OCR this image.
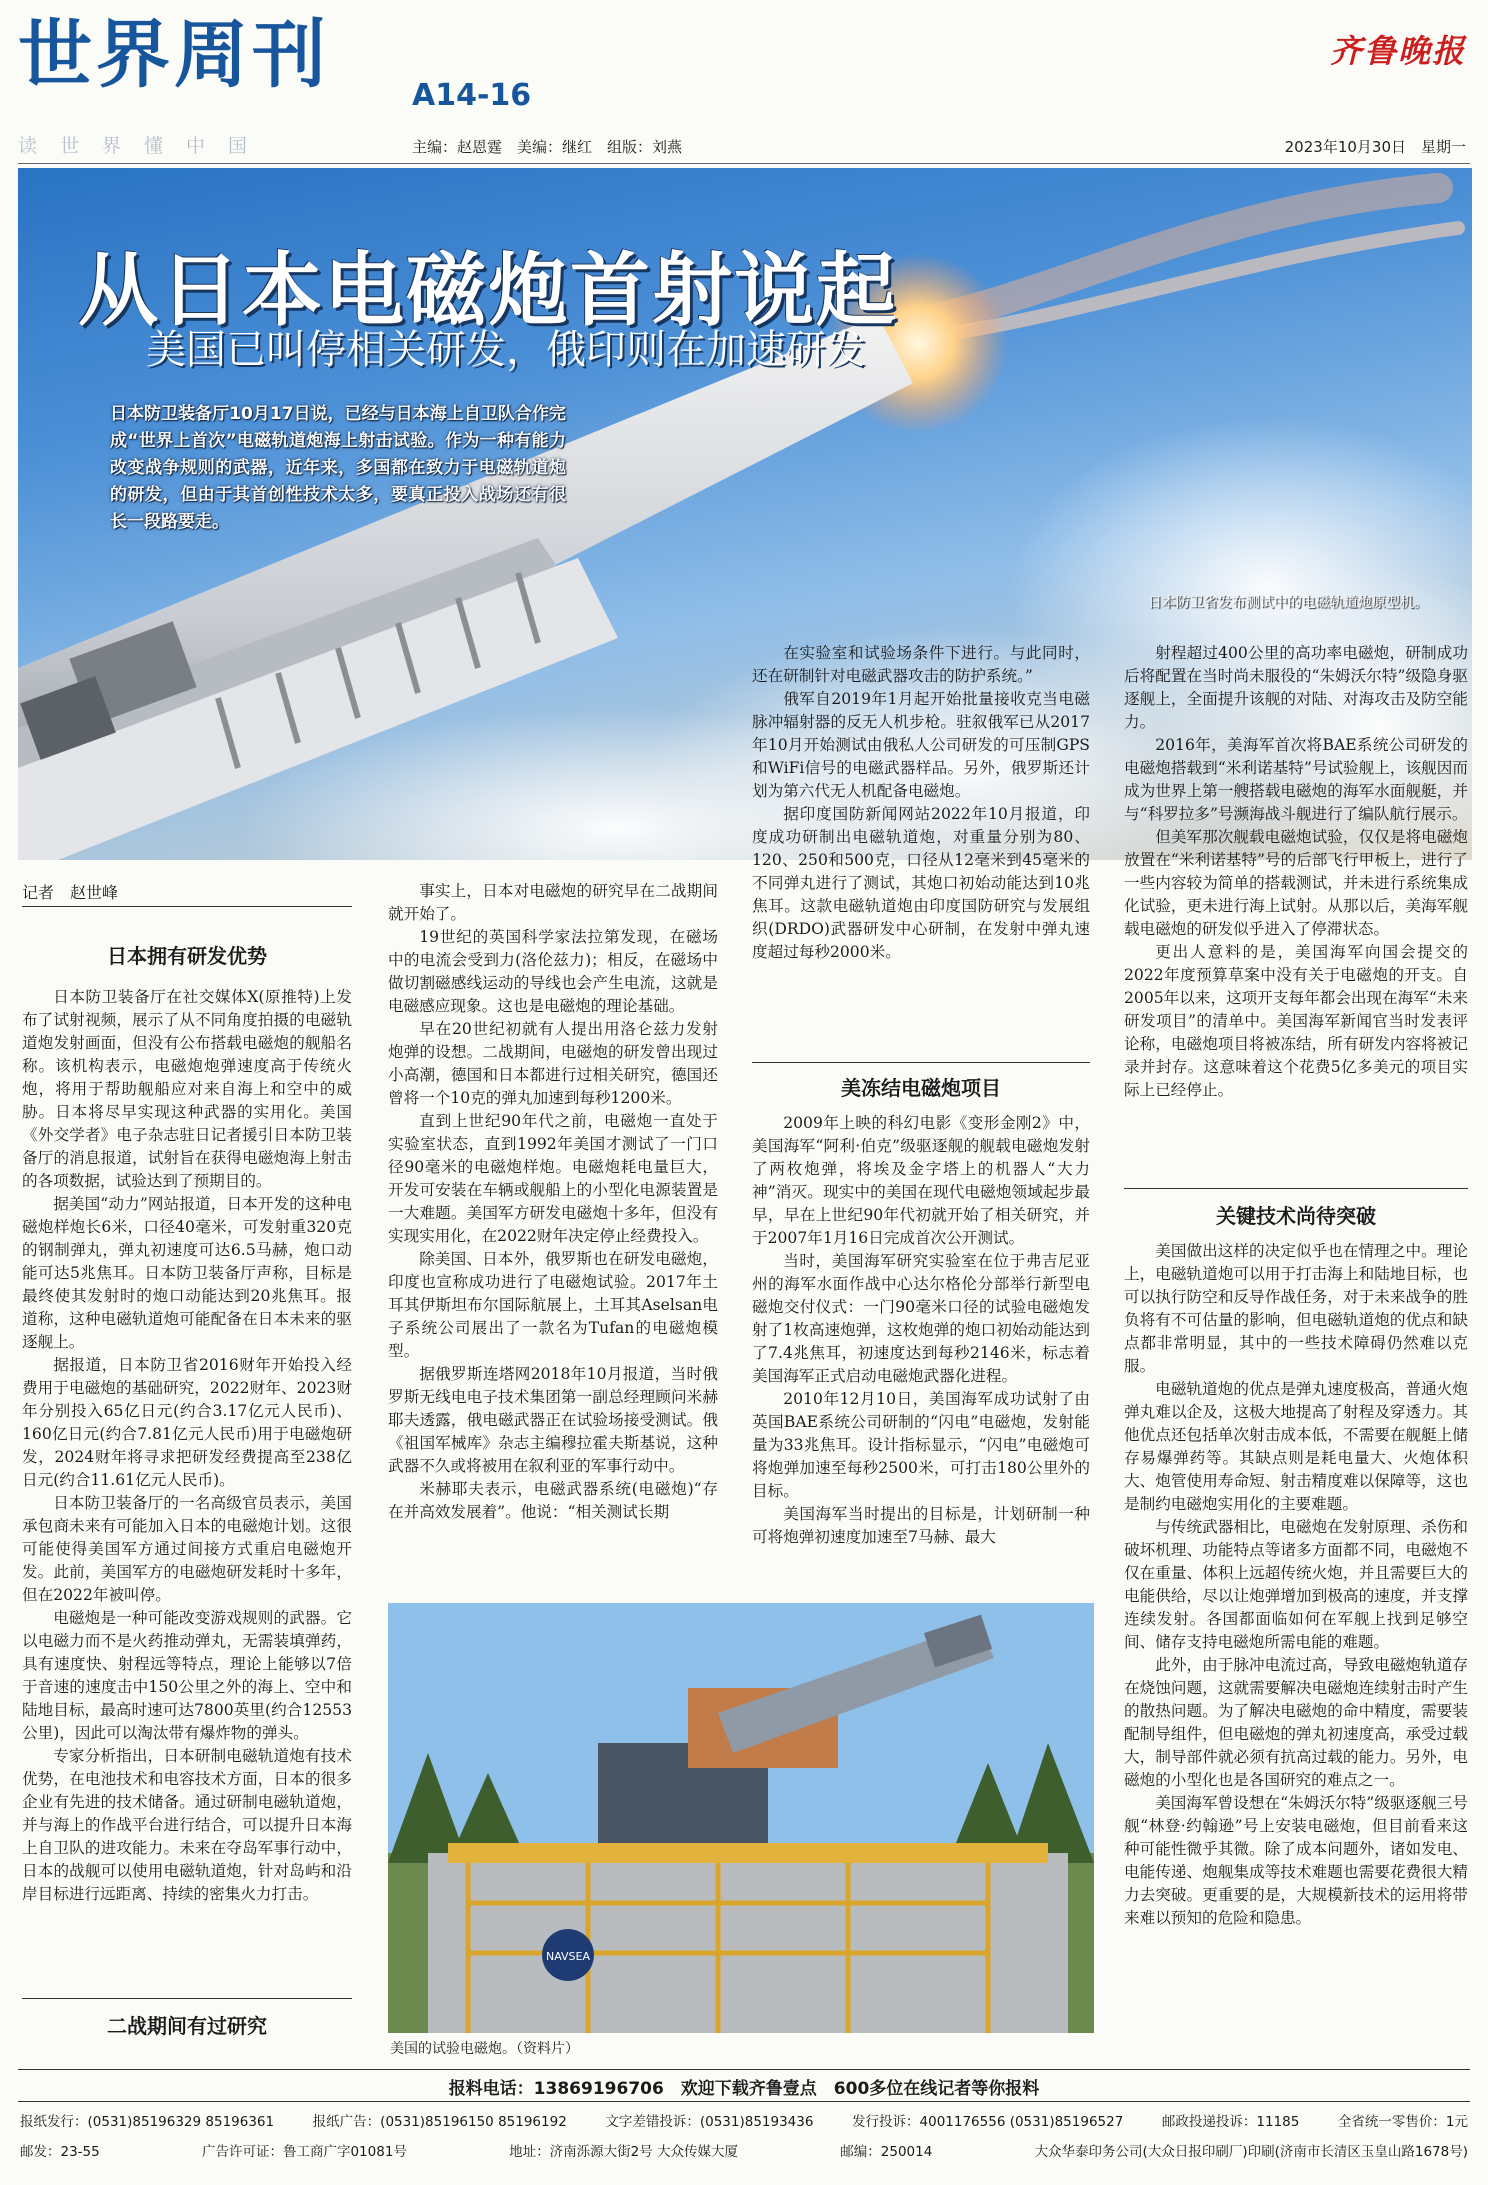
世界周刊	A14-16
读世界懂中国	主编：赵恩霆　美编：继红　组版：刘燕
齐鲁晚报
2023年10月30日　星期一
从日本电磁炮首射说起
美国已叫停相关研发，俄印则在加速研发
日本防卫装备厅10月17日说，已经与日本海上自卫队合作完成“世界上首次”电磁轨道炮海上射击试验。作为一种有能力改变战争规则的武器，近年来，多国都在致力于电磁轨道炮的研发，但由于其首创性技术太多，要真正投入战场还有很长一段路要走。
日本防卫省发布测试中的电磁轨道炮原型机。
记者　赵世峰
日本拥有研发优势

日本防卫装备厅在社交媒体X(原推特)上发布了试射视频，展示了从不同角度拍摄的电磁轨道炮发射画面，但没有公布搭载电磁炮的舰船名称。该机构表示，电磁炮炮弹速度高于传统火炮，将用于帮助舰船应对来自海上和空中的威胁。日本将尽早实现这种武器的实用化。美国《外交学者》电子杂志驻日记者援引日本防卫装备厅的消息报道，试射旨在获得电磁炮海上射击的各项数据，试验达到了预期目的。

据美国“动力”网站报道，日本开发的这种电磁炮样炮长6米，口径40毫米，可发射重320克的钢制弹丸，弹丸初速度可达6.5马赫，炮口动能可达5兆焦耳。日本防卫装备厅声称，目标是最终使其发射时的炮口动能达到20兆焦耳。报道称，这种电磁轨道炮可能配备在日本未来的驱逐舰上。

据报道，日本防卫省2016财年开始投入经费用于电磁炮的基础研究，2022财年、2023财年分别投入65亿日元(约合3.17亿元人民币)、160亿日元(约合7.81亿元人民币)用于电磁炮研发，2024财年将寻求把研发经费提高至238亿日元(约合11.61亿元人民币)。

日本防卫装备厅的一名高级官员表示，美国承包商未来有可能加入日本的电磁炮计划。这很可能使得美国军方通过间接方式重启电磁炮开发。此前，美国军方的电磁炮研发耗时十多年，但在2022年被叫停。

电磁炮是一种可能改变游戏规则的武器。它以电磁力而不是火药推动弹丸，无需装填弹药，具有速度快、射程远等特点，理论上能够以7倍于音速的速度击中150公里之外的海上、空中和陆地目标，最高时速可达7800英里(约合12553公里)，因此可以淘汰带有爆炸物的弹头。

专家分析指出，日本研制电磁轨道炮有技术优势，在电池技术和电容技术方面，日本的很多企业有先进的技术储备。通过研制电磁轨道炮，并与海上的作战平台进行结合，可以提升日本海上自卫队的进攻能力。未来在夺岛军事行动中，日本的战舰可以使用电磁轨道炮，针对岛屿和沿岸目标进行远距离、持续的密集火力打击。

二战期间有过研究

事实上，日本对电磁炮的研究早在二战期间就开始了。

19世纪的英国科学家法拉第发现，在磁场中的电流会受到力(洛伦兹力)；相反，在磁场中做切割磁感线运动的导线也会产生电流，这就是电磁感应现象。这也是电磁炮的理论基础。

早在20世纪初就有人提出用洛仑兹力发射炮弹的设想。二战期间，电磁炮的研发曾出现过小高潮，德国和日本都进行过相关研究，德国还曾将一个10克的弹丸加速到每秒1200米。

直到上世纪90年代之前，电磁炮一直处于实验室状态，直到1992年美国才测试了一门口径90毫米的电磁炮样炮。电磁炮耗电量巨大，开发可安装在车辆或舰船上的小型化电源装置是一大难题。美国军方研发电磁炮十多年，但没有实现实用化，在2022财年决定停止经费投入。

除美国、日本外，俄罗斯也在研发电磁炮，印度也宣称成功进行了电磁炮试验。2017年土耳其伊斯坦布尔国际航展上，土耳其Aselsan电子系统公司展出了一款名为Tufan的电磁炮模型。

据俄罗斯连塔网2018年10月报道，当时俄罗斯无线电电子技术集团第一副总经理顾问米赫耶夫透露，俄电磁武器正在试验场接受测试。俄《祖国军械库》杂志主编穆拉霍夫斯基说，这种武器不久或将被用在叙利亚的军事行动中。

米赫耶夫表示，电磁武器系统(电磁炮)“存在并高效发展着”。他说：“相关测试长期

在实验室和试验场条件下进行。与此同时，还在研制针对电磁武器攻击的防护系统。”

俄军自2019年1月起开始批量接收克当电磁脉冲辐射器的反无人机步枪。驻叙俄军已从2017年10月开始测试由俄私人公司研发的可压制GPS和WiFi信号的电磁武器样品。另外，俄罗斯还计划为第六代无人机配备电磁炮。

据印度国防新闻网站2022年10月报道，印度成功研制出电磁轨道炮，对重量分别为80、120、250和500克，口径从12毫米到45毫米的不同弹丸进行了测试，其炮口初始动能达到10兆焦耳。这款电磁轨道炮由印度国防研究与发展组织(DRDO)武器研发中心研制，在发射中弹丸速度超过每秒2000米。

美冻结电磁炮项目

2009年上映的科幻电影《变形金刚2》中，美国海军“阿利·伯克”级驱逐舰的舰载电磁炮发射了两枚炮弹，将埃及金字塔上的机器人“大力神”消灭。现实中的美国在现代电磁炮领域起步最早，早在上世纪90年代初就开始了相关研究，并于2007年1月16日完成首次公开测试。

当时，美国海军研究实验室在位于弗吉尼亚州的海军水面作战中心达尔格伦分部举行新型电磁炮交付仪式：一门90毫米口径的试验电磁炮发射了1枚高速炮弹，这枚炮弹的炮口初始动能达到了7.4兆焦耳，初速度达到每秒2146米，标志着美国海军正式启动电磁炮武器化进程。

2010年12月10日，美国海军成功试射了由英国BAE系统公司研制的“闪电”电磁炮，发射能量为33兆焦耳。设计指标显示，“闪电”电磁炮可将炮弹加速至每秒2500米，可打击180公里外的目标。

美国海军当时提出的目标是，计划研制一种可将炮弹初速度加速至7马赫、最大

射程超过400公里的高功率电磁炮，研制成功后将配置在当时尚未服役的“朱姆沃尔特”级隐身驱逐舰上，全面提升该舰的对陆、对海攻击及防空能力。

2016年，美海军首次将BAE系统公司研发的电磁炮搭载到“米利诺基特”号试验舰上，该舰因而成为世界上第一艘搭载电磁炮的海军水面舰艇，并与“科罗拉多”号濒海战斗舰进行了编队航行展示。

但美军那次舰载电磁炮试验，仅仅是将电磁炮放置在“米利诺基特”号的后部飞行甲板上，进行了一些内容较为简单的搭载测试，并未进行系统集成化试验，更未进行海上试射。从那以后，美海军舰载电磁炮的研发似乎进入了停滞状态。

更出人意料的是，美国海军向国会提交的2022年度预算草案中没有关于电磁炮的开支。自2005年以来，这项开支每年都会出现在海军“未来研发项目”的清单中。美国海军新闻官当时发表评论称，电磁炮项目将被冻结，所有研发内容将被记录并封存。这意味着这个花费5亿多美元的项目实际上已经停止。

关键技术尚待突破

美国做出这样的决定似乎也在情理之中。理论上，电磁轨道炮可以用于打击海上和陆地目标，也可以执行防空和反导作战任务，对于未来战争的胜负将有不可估量的影响，但电磁轨道炮的优点和缺点都非常明显，其中的一些技术障碍仍然难以克服。

电磁轨道炮的优点是弹丸速度极高，普通火炮弹丸难以企及，这极大地提高了射程及穿透力。其他优点还包括单次射击成本低，不需要在舰艇上储存易爆弹药等。其缺点则是耗电量大、火炮体积大、炮管使用寿命短、射击精度难以保障等，这也是制约电磁炮实用化的主要难题。

与传统武器相比，电磁炮在发射原理、杀伤和破坏机理、功能特点等诸多方面都不同，电磁炮不仅在重量、体积上远超传统火炮，并且需要巨大的电能供给，尽以让炮弹增加到极高的速度，并支撑连续发射。各国都面临如何在军舰上找到足够空间、储存支持电磁炮所需电能的难题。

此外，由于脉冲电流过高，导致电磁炮轨道存在烧蚀问题，这就需要解决电磁炮连续射击时产生的散热问题。为了解决电磁炮的命中精度，需要装配制导组件，但电磁炮的弹丸初速度高，承受过载大，制导部件就必须有抗高过载的能力。另外，电磁炮的小型化也是各国研究的难点之一。

美国海军曾设想在“朱姆沃尔特”级驱逐舰三号舰“林登·约翰逊”号上安装电磁炮，但目前看来这种可能性微乎其微。除了成本问题外，诸如发电、电能传递、炮舰集成等技术难题也需要花费很大精力去突破。更重要的是，大规模新技术的运用将带来难以预知的危险和隐患。

NAVSEA
美国的试验电磁炮。（资料片）
报料电话：13869196706　欢迎下载齐鲁壹点　600多位在线记者等你报料
报纸发行：(0531)85196329 85196361	报纸广告：(0531)85196150 85196192	文字差错投诉：(0531)85193436	发行投诉：4001176556 (0531)85196527	邮政投递投诉：11185	全省统一零售价：1元
邮发：23-55	广告许可证：鲁工商广字01081号	地址：济南泺源大街2号 大众传媒大厦	邮编：250014	大众华泰印务公司(大众日报印刷厂)印刷(济南市长清区玉皇山路1678号)
